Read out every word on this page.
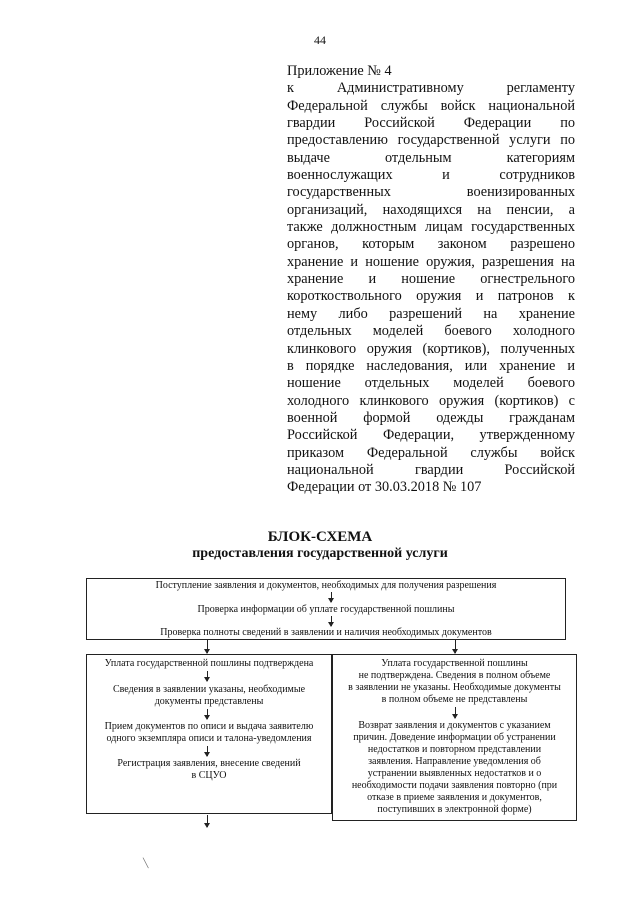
44
Приложение № 4
к Административному регламенту
Федеральной службы войск национальной
гвардии Российской Федерации по
предоставлению государственной услуги по
выдаче отдельным категориям
военнослужащих и сотрудников
государственных военизированных
организаций, находящихся на пенсии, а
также должностным лицам государственных
органов, которым законом разрешено
хранение и ношение оружия, разрешения на
хранение и ношение огнестрельного
короткоствольного оружия и патронов к
нему либо разрешений на хранение
отдельных моделей боевого холодного
клинкового оружия (кортиков), полученных
в порядке наследования, или хранение и
ношение отдельных моделей боевого
холодного клинкового оружия (кортиков) с
военной формой одежды гражданам
Российской Федерации, утвержденному
приказом Федеральной службы войск
национальной гвардии Российской
Федерации от 30.03.2018 № 107
БЛОК-СХЕМА
предоставления государственной услуги
Поступление заявления и документов, необходимых для получения разрешения
Проверка информации об уплате государственной пошлины
Проверка полноты сведений в заявлении и наличия необходимых документов
Уплата государственной пошлины подтверждена
Сведения в заявлении указаны, необходимые
документы представлены
Прием документов по описи и выдача заявителю
одного экземпляра описи и талона-уведомления
Регистрация заявления, внесение сведений
в СЦУО
Уплата государственной пошлины
не подтверждена. Сведения в полном объеме
в заявлении не указаны. Необходимые документы
в полном объеме не представлены
Возврат заявления и документов с указанием
причин. Доведение информации об устранении
недостатков и повторном представлении
заявления. Направление уведомления об
устранении выявленных недостатков и о
необходимости подачи заявления повторно (при
отказе в приеме заявления и документов,
поступивших в электронной форме)
╲
